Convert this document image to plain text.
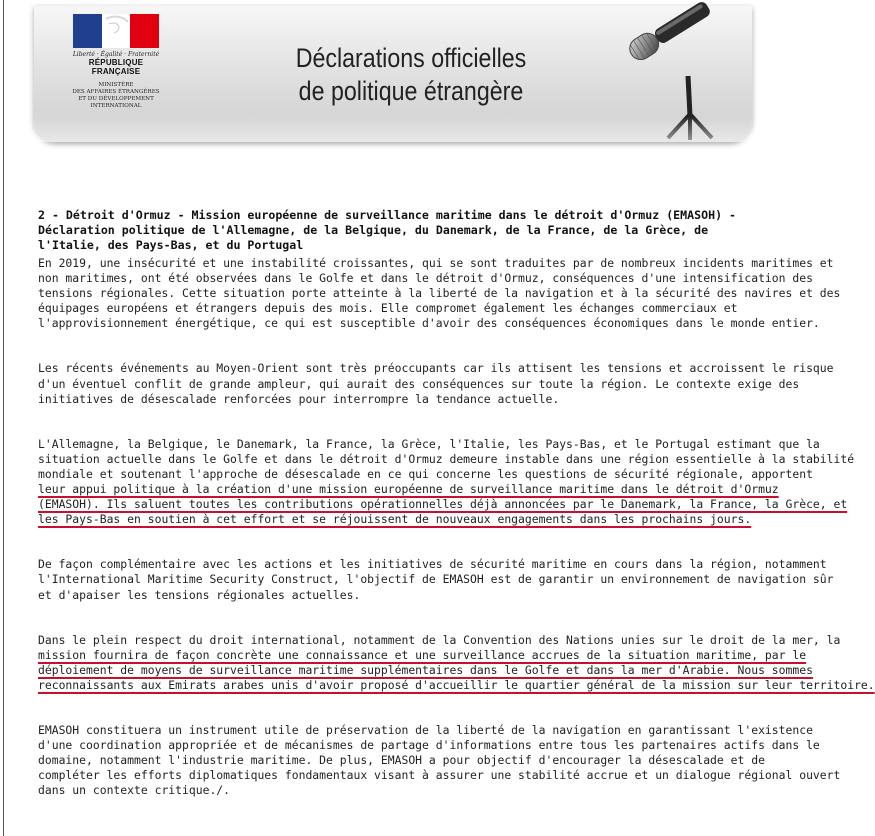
Liberté · Égalité · Fraternité
RÉPUBLIQUE FRANÇAISE
MINISTÈRE
DES AFFAIRES ÉTRANGÈRES
ET DU DÉVELOPPEMENT
INTERNATIONAL
Déclarations officielles
de politique étrangère
2 - Détroit d'Ormuz - Mission européenne de surveillance maritime dans le détroit d'Ormuz (EMASOH) -
Déclaration politique de l'Allemagne, de la Belgique, du Danemark, de la France, de la Grèce, de
l'Italie, des Pays-Bas, et du Portugal
En 2019, une insécurité et une instabilité croissantes, qui se sont traduites par de nombreux incidents maritimes et
non maritimes, ont été observées dans le Golfe et dans le détroit d'Ormuz, conséquences d'une intensification des
tensions régionales. Cette situation porte atteinte à la liberté de la navigation et à la sécurité des navires et des
équipages européens et étrangers depuis des mois. Elle compromet également les échanges commerciaux et
l'approvisionnement énergétique, ce qui est susceptible d'avoir des conséquences économiques dans le monde entier.
Les récents événements au Moyen-Orient sont très préoccupants car ils attisent les tensions et accroissent le risque
d'un éventuel conflit de grande ampleur, qui aurait des conséquences sur toute la région. Le contexte exige des
initiatives de désescalade renforcées pour interrompre la tendance actuelle.
L'Allemagne, la Belgique, le Danemark, la France, la Grèce, l'Italie, les Pays-Bas, et le Portugal estimant que la
situation actuelle dans le Golfe et dans le détroit d'Ormuz demeure instable dans une région essentielle à la stabilité
mondiale et soutenant l'approche de désescalade en ce qui concerne les questions de sécurité régionale, apportent
leur appui politique à la création d'une mission européenne de surveillance maritime dans le détroit d'Ormuz
(EMASOH). Ils saluent toutes les contributions opérationnelles déjà annoncées par le Danemark, la France, la Grèce, et
les Pays-Bas en soutien à cet effort et se réjouissent de nouveaux engagements dans les prochains jours.
De façon complémentaire avec les actions et les initiatives de sécurité maritime en cours dans la région, notamment
l'International Maritime Security Construct, l'objectif de EMASOH est de garantir un environnement de navigation sûr
et d'apaiser les tensions régionales actuelles.
Dans le plein respect du droit international, notamment de la Convention des Nations unies sur le droit de la mer, la
mission fournira de façon concrète une connaissance et une surveillance accrues de la situation maritime, par le
déploiement de moyens de surveillance maritime supplémentaires dans le Golfe et dans la mer d'Arabie. Nous sommes
reconnaissants aux Emirats arabes unis d'avoir proposé d'accueillir le quartier général de la mission sur leur territoire.
EMASOH constituera un instrument utile de préservation de la liberté de la navigation en garantissant l'existence
d'une coordination appropriée et de mécanismes de partage d'informations entre tous les partenaires actifs dans le
domaine, notamment l'industrie maritime. De plus, EMASOH a pour objectif d'encourager la désescalade et de
compléter les efforts diplomatiques fondamentaux visant à assurer une stabilité accrue et un dialogue régional ouvert
dans un contexte critique./.
